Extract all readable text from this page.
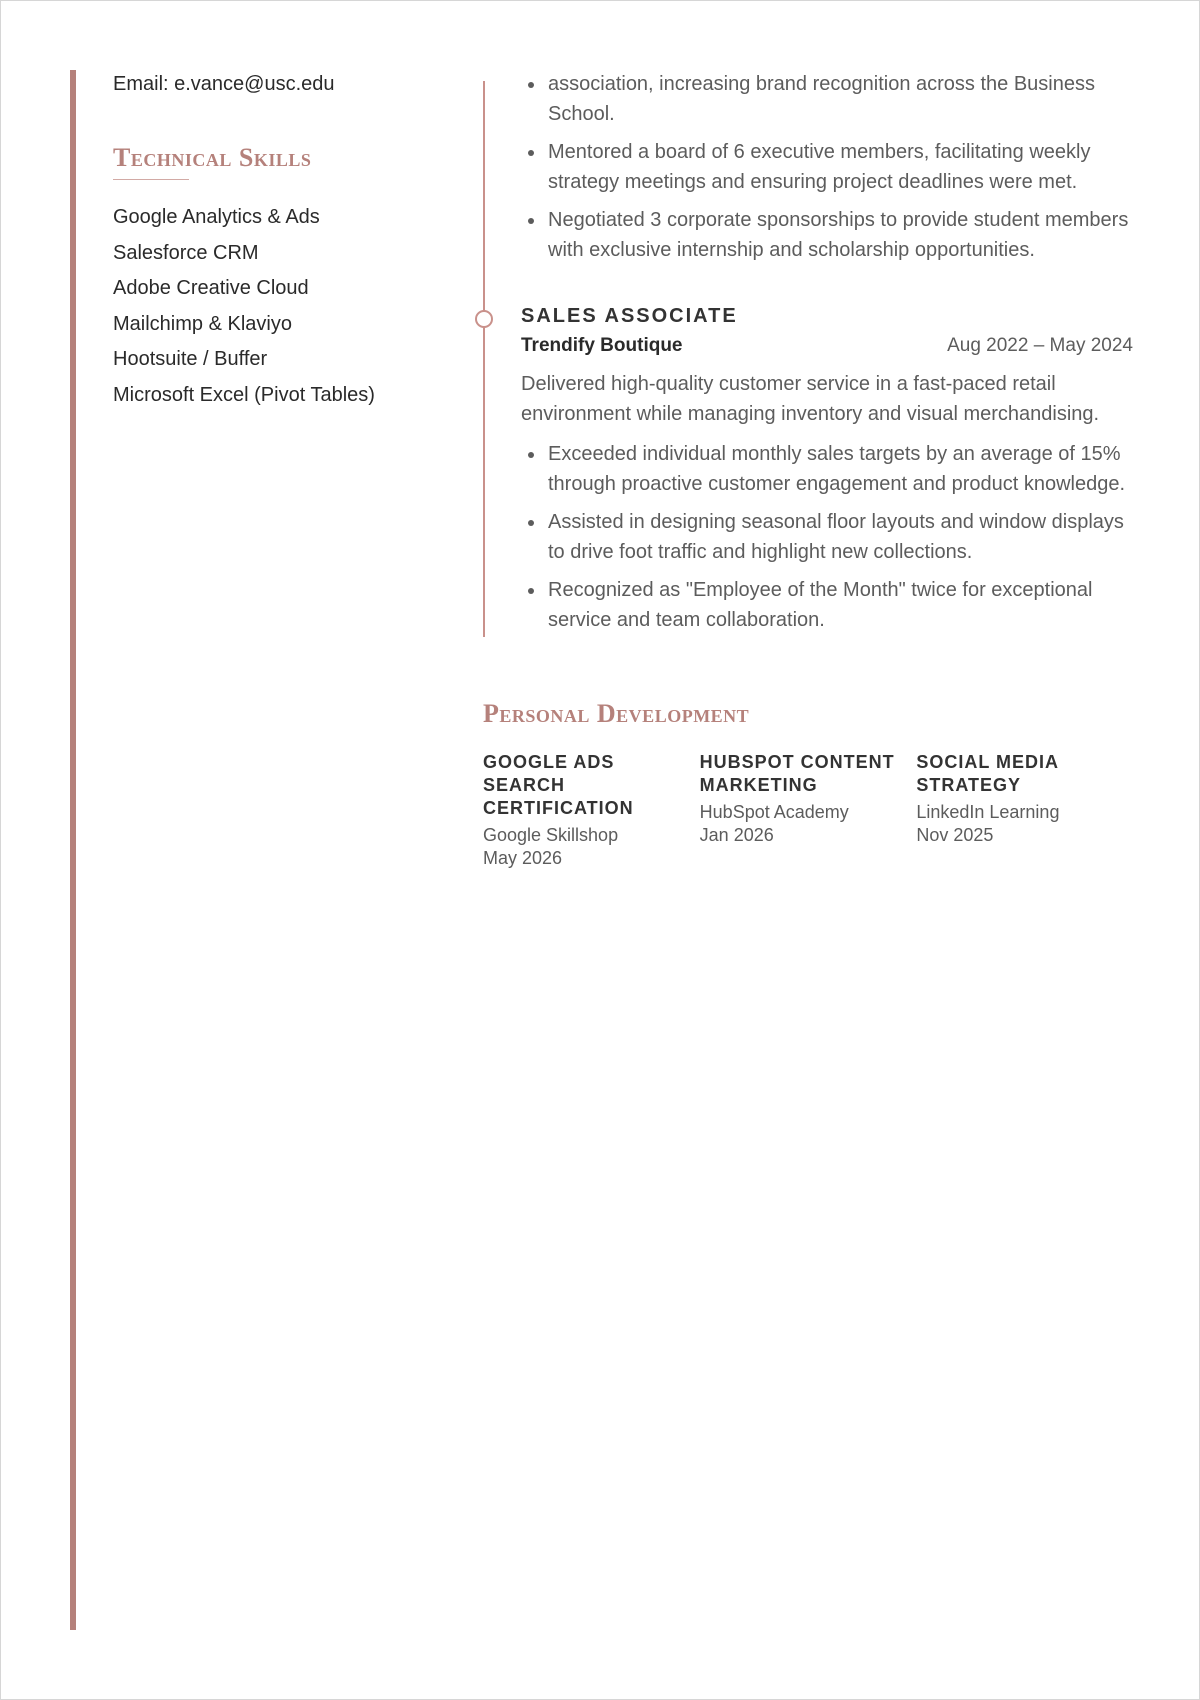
Email: e.vance@usc.edu
Technical Skills
Google Analytics & Ads
Salesforce CRM
Adobe Creative Cloud
Mailchimp & Klaviyo
Hootsuite / Buffer
Microsoft Excel (Pivot Tables)
association, increasing brand recognition across the Business School.
Mentored a board of 6 executive members, facilitating weekly strategy meetings and ensuring project deadlines were met.
Negotiated 3 corporate sponsorships to provide student members with exclusive internship and scholarship opportunities.
SALES ASSOCIATE
Trendify Boutique	Aug 2022 – May 2024
Delivered high-quality customer service in a fast-paced retail environment while managing inventory and visual merchandising.
Exceeded individual monthly sales targets by an average of 15% through proactive customer engagement and product knowledge.
Assisted in designing seasonal floor layouts and window displays to drive foot traffic and highlight new collections.
Recognized as "Employee of the Month" twice for exceptional service and team collaboration.
Personal Development
GOOGLE ADS SEARCH CERTIFICATION
Google Skillshop
May 2026
HUBSPOT CONTENT MARKETING
HubSpot Academy
Jan 2026
SOCIAL MEDIA STRATEGY
LinkedIn Learning
Nov 2025
